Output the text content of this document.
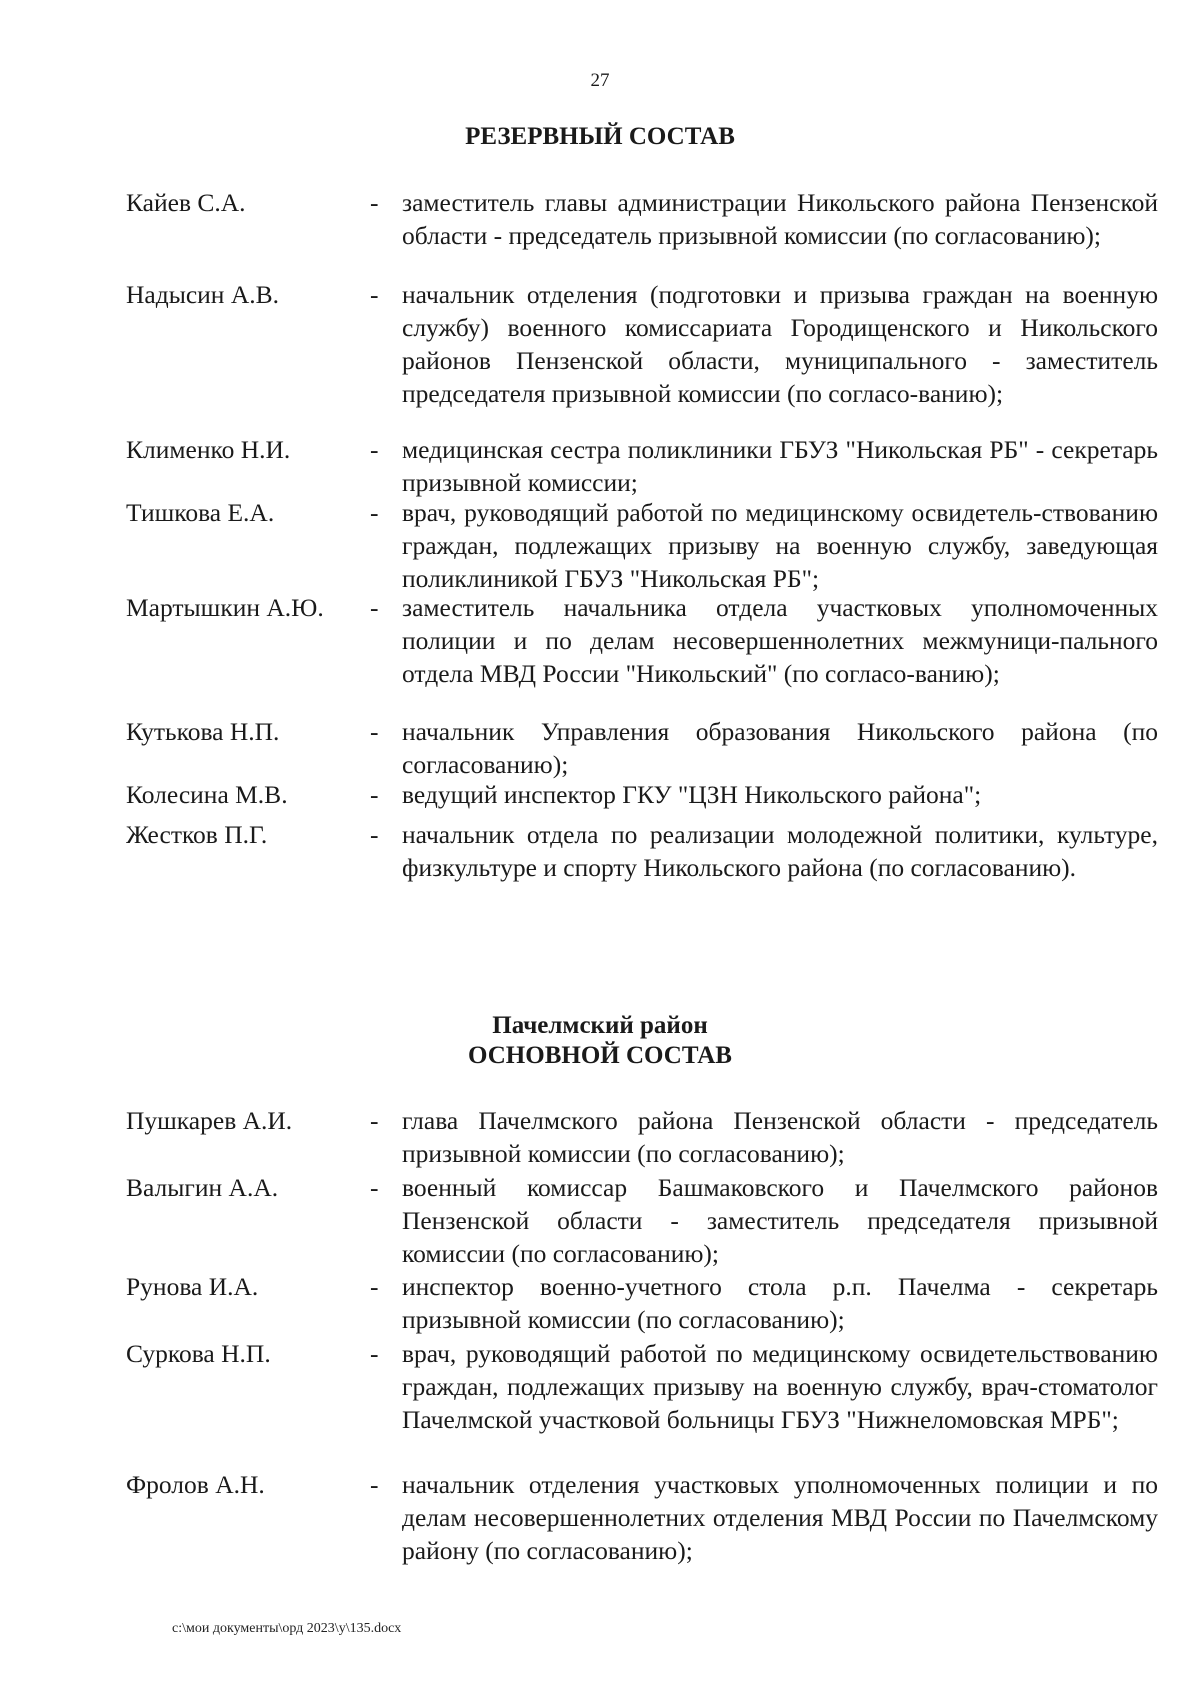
27
РЕЗЕРВНЫЙ СОСТАВ
Кайев С.А.	- заместитель главы администрации Никольского района Пензенской области - председатель призывной комиссии (по согласованию);
Надысин А.В.	- начальник отделения (подготовки и призыва граждан на военную службу) военного комиссариата Городищенского и Никольского районов Пензенской области, муниципального - заместитель председателя призывной комиссии (по согласо-ванию);
Клименко Н.И.	- медицинская сестра поликлиники ГБУЗ "Никольская РБ" - секретарь призывной комиссии;
Тишкова Е.А.	- врач, руководящий работой по медицинскому освидетель-ствованию граждан, подлежащих призыву на военную службу, заведующая поликлиникой ГБУЗ "Никольская РБ";
Мартышкин А.Ю. - заместитель начальника отдела участковых уполномоченных полиции и по делам несовершеннолетних межмуници-пального отдела МВД России "Никольский" (по согласо-ванию);
Кутькова Н.П.	- начальник Управления образования Никольского района (по согласованию);
Колесина М.В.	- ведущий инспектор ГКУ "ЦЗН Никольского района";
Жестков П.Г.	- начальник отдела по реализации молодежной политики, культуре, физкультуре и спорту Никольского района (по согласованию).
Пачелмский район
ОСНОВНОЙ СОСТАВ
Пушкарев А.И.	- глава Пачелмского района Пензенской области - председатель призывной комиссии (по согласованию);
Валыгин А.А.	- военный комиссар Башмаковского и Пачелмского районов Пензенской области - заместитель председателя призывной комиссии (по согласованию);
Рунова И.А.	- инспектор военно-учетного стола р.п. Пачелма - секретарь призывной комиссии (по согласованию);
Суркова Н.П.	- врач, руководящий работой по медицинскому освидетельствованию граждан, подлежащих призыву на военную службу, врач-стоматолог Пачелмской участковой больницы ГБУЗ "Нижнеломовская МРБ";
Фролов А.Н.	- начальник отделения участковых уполномоченных полиции и по делам несовершеннолетних отделения МВД России по Пачелмскому району (по согласованию);
c:\мои документы\орд 2023\у\135.docx
